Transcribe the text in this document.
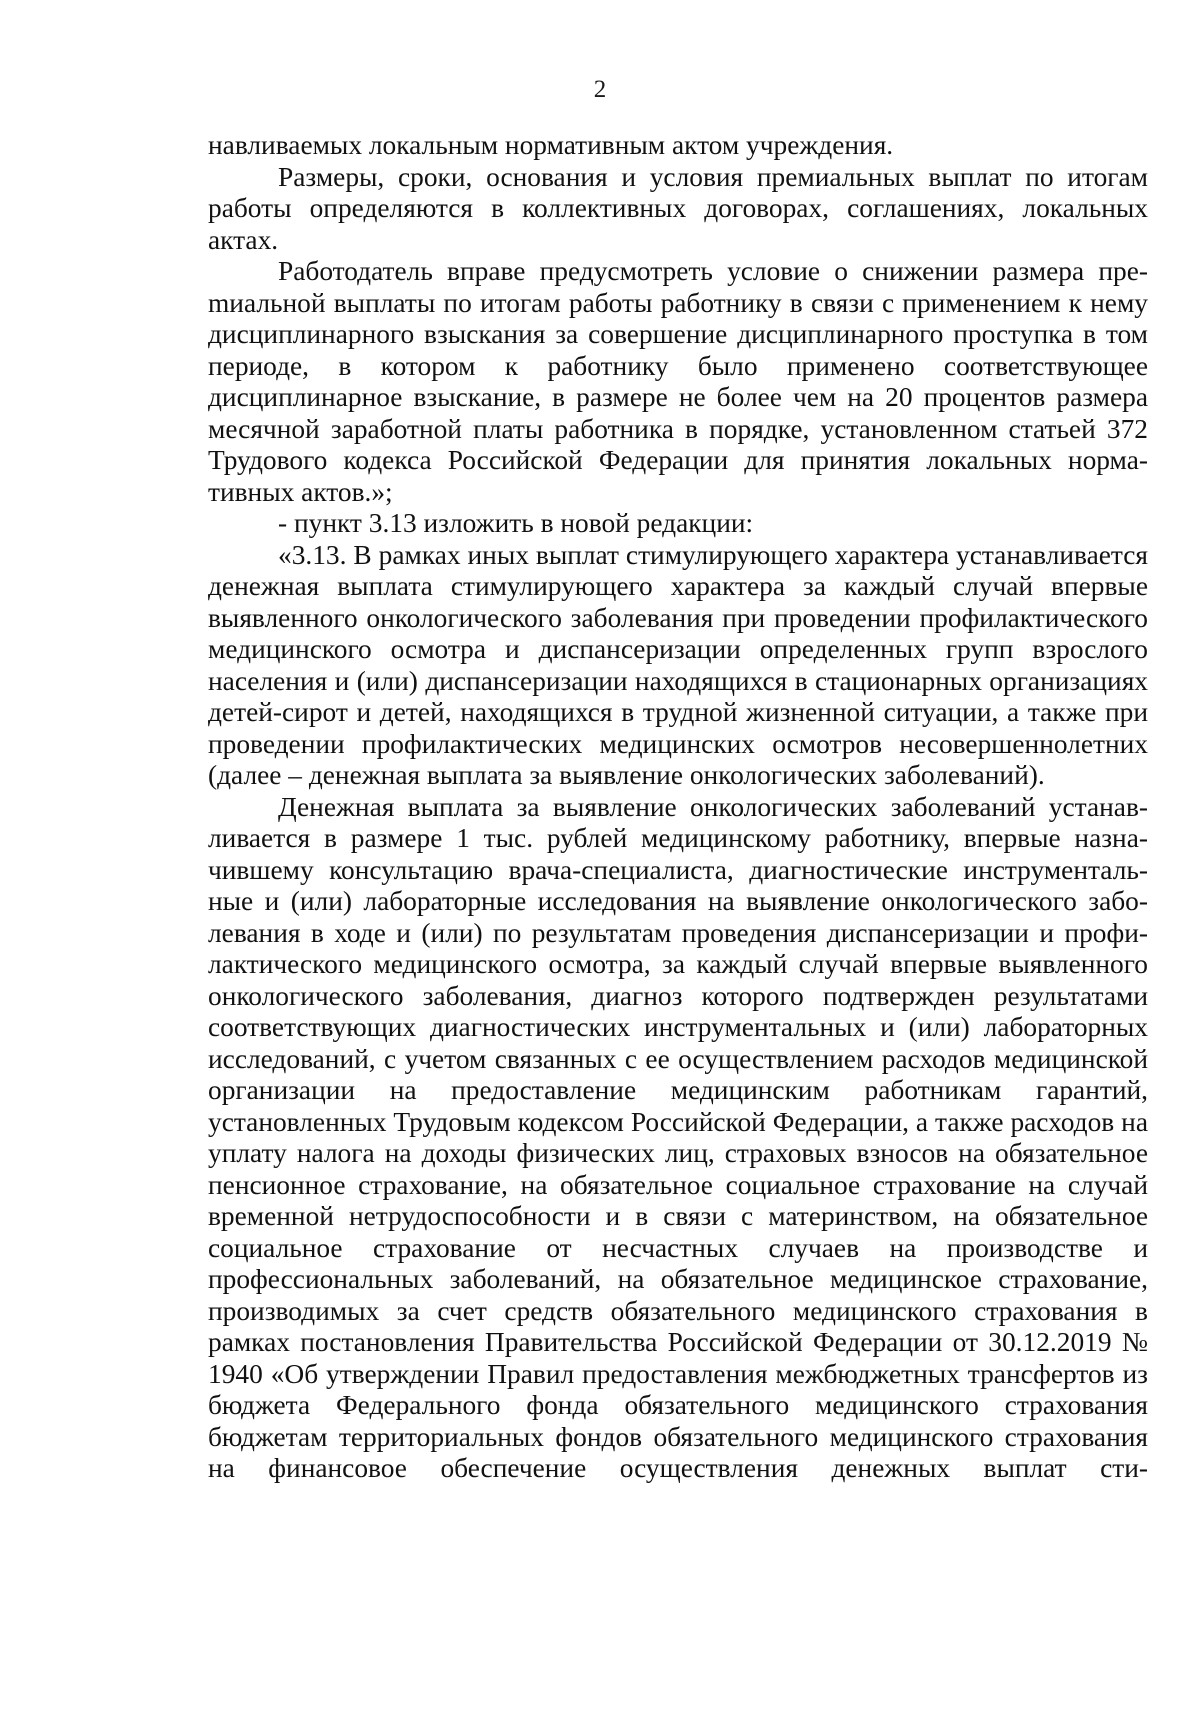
2

навливаемых локальным нормативным актом учреждения.

Размеры, сроки, основания и условия премиальных выплат по итогам работы определяются в коллективных договорах, соглашениях, локальных актах.

Работодатель вправе предусмотреть условие о снижении размера преmиальной выплаты по итогам работы работнику в связи с применением к нему дисциплинарного взыскания за совершение дисциплинарного проступка в том периоде, в котором к работнику было применено соответствующее дисциплинарное взыскание, в размере не более чем на 20 процентов размера месячной заработной платы работника в порядке, установленном статьей 372 Трудового кодекса Российской Федерации для принятия локальных нормативных актов.»;

- пункт 3.13 изложить в новой редакции:

«3.13. В рамках иных выплат стимулирующего характера устанавливается денежная выплата стимулирующего характера за каждый случай впервые выявленного онкологического заболевания при проведении профилактического медицинского осмотра и диспансеризации определенных групп взрослого населения и (или) диспансеризации находящихся в стационарных организациях детей-сирот и детей, находящихся в трудной жизненной ситуации, а также при проведении профилактических медицинских осмотров несовершеннолетних (далее – денежная выплата за выявление онкологических заболеваний).

Денежная выплата за выявление онкологических заболеваний устанавливается в размере 1 тыс. рублей медицинскому работнику, впервые назначившему консультацию врача-специалиста, диагностические инструментальные и (или) лабораторные исследования на выявление онкологического заболевания в ходе и (или) по результатам проведения диспансеризации и профилактического медицинского осмотра, за каждый случай впервые выявленного онкологического заболевания, диагноз которого подтвержден результатами соответствующих диагностических инструментальных и (или) лабораторных исследований, с учетом связанных с ее осуществлением расходов медицинской организации на предоставление медицинским работникам гарантий, установленных Трудовым кодексом Российской Федерации, а также расходов на уплату налога на доходы физических лиц, страховых взносов на обязательное пенсионное страхование, на обязательное социальное страхование на случай временной нетрудоспособности и в связи с материнством, на обязательное социальное страхование от несчастных случаев на производстве и профессиональных заболеваний, на обязательное медицинское страхование, производимых за счет средств обязательного медицинского страхования в рамках постановления Правительства Российской Федерации от 30.12.2019 № 1940 «Об утверждении Правил предоставления межбюджетных трансфертов из бюджета Федерального фонда обязательного медицинского страхования бюджетам территориальных фондов обязательного медицинского страхования на финансовое обеспечение осуществления денежных выплат сти-
